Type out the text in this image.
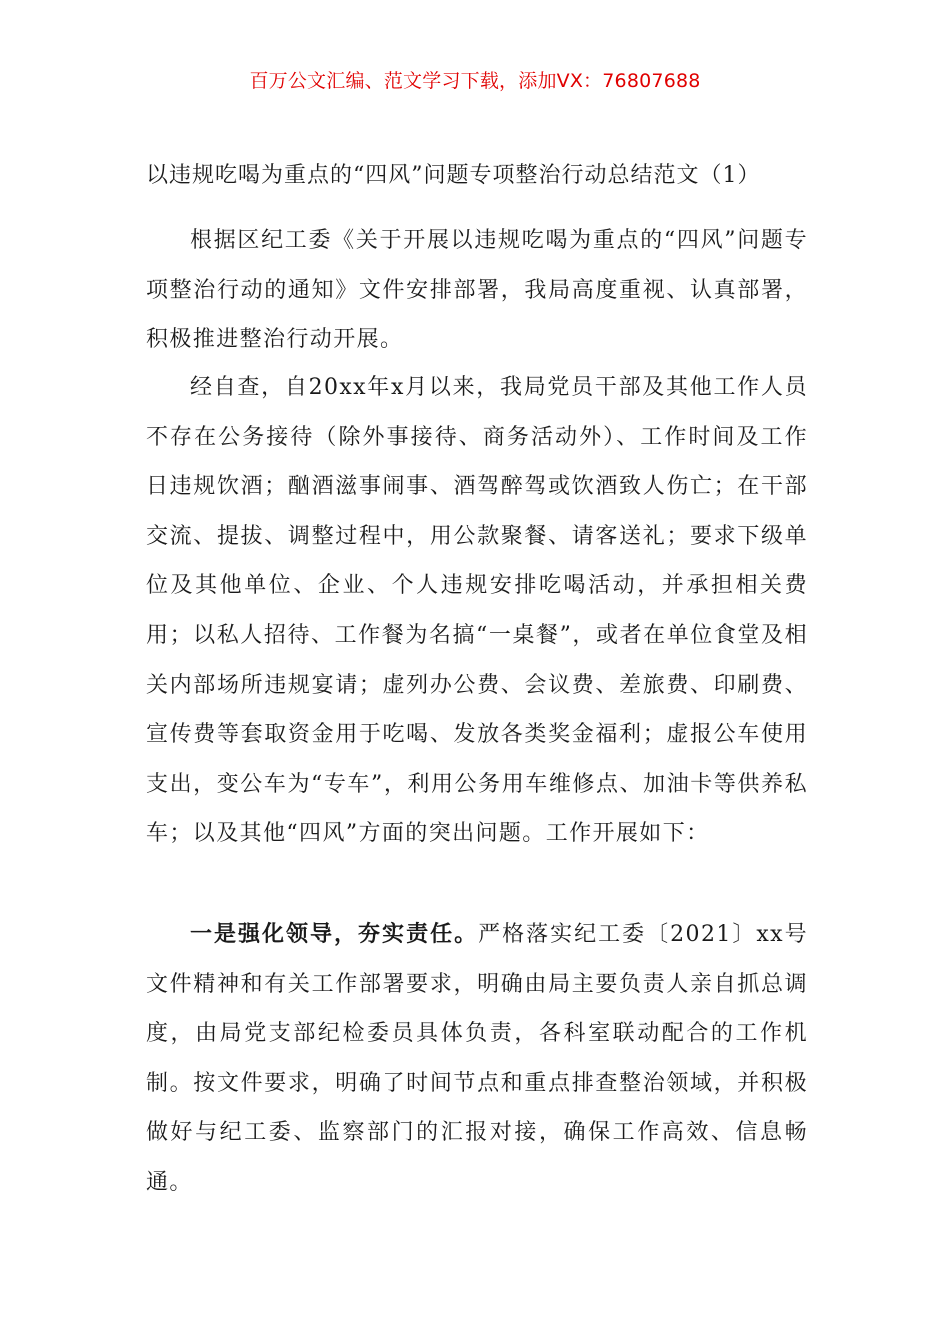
百万公文汇编、范文学习下载，添加VX：76807688
以违规吃喝为重点的“四风”问题专项整治行动总结范文（1）

根据区纪工委《关于开展以违规吃喝为重点的“四风”问题专项整治行动的通知》文件安排部署，我局高度重视、认真部署，积极推进整治行动开展。

经自查，自20xx年x月以来，我局党员干部及其他工作人员不存在公务接待（除外事接待、商务活动外）、工作时间及工作日违规饮酒；酗酒滋事闹事、酒驾醉驾或饮酒致人伤亡；在干部交流、提拔、调整过程中，用公款聚餐、请客送礼；要求下级单位及其他单位、企业、个人违规安排吃喝活动，并承担相关费用；以私人招待、工作餐为名搞“一桌餐”，或者在单位食堂及相关内部场所违规宴请；虚列办公费、会议费、差旅费、印刷费、宣传费等套取资金用于吃喝、发放各类奖金福利；虚报公车使用支出，变公车为“专车”，利用公务用车维修点、加油卡等供养私车；以及其他“四风”方面的突出问题。工作开展如下：

一是强化领导，夯实责任。严格落实纪工委〔2021〕xx号文件精神和有关工作部署要求，明确由局主要负责人亲自抓总调度，由局党支部纪检委员具体负责，各科室联动配合的工作机制。按文件要求，明确了时间节点和重点排查整治领域，并积极做好与纪工委、监察部门的汇报对接，确保工作高效、信息畅通。
